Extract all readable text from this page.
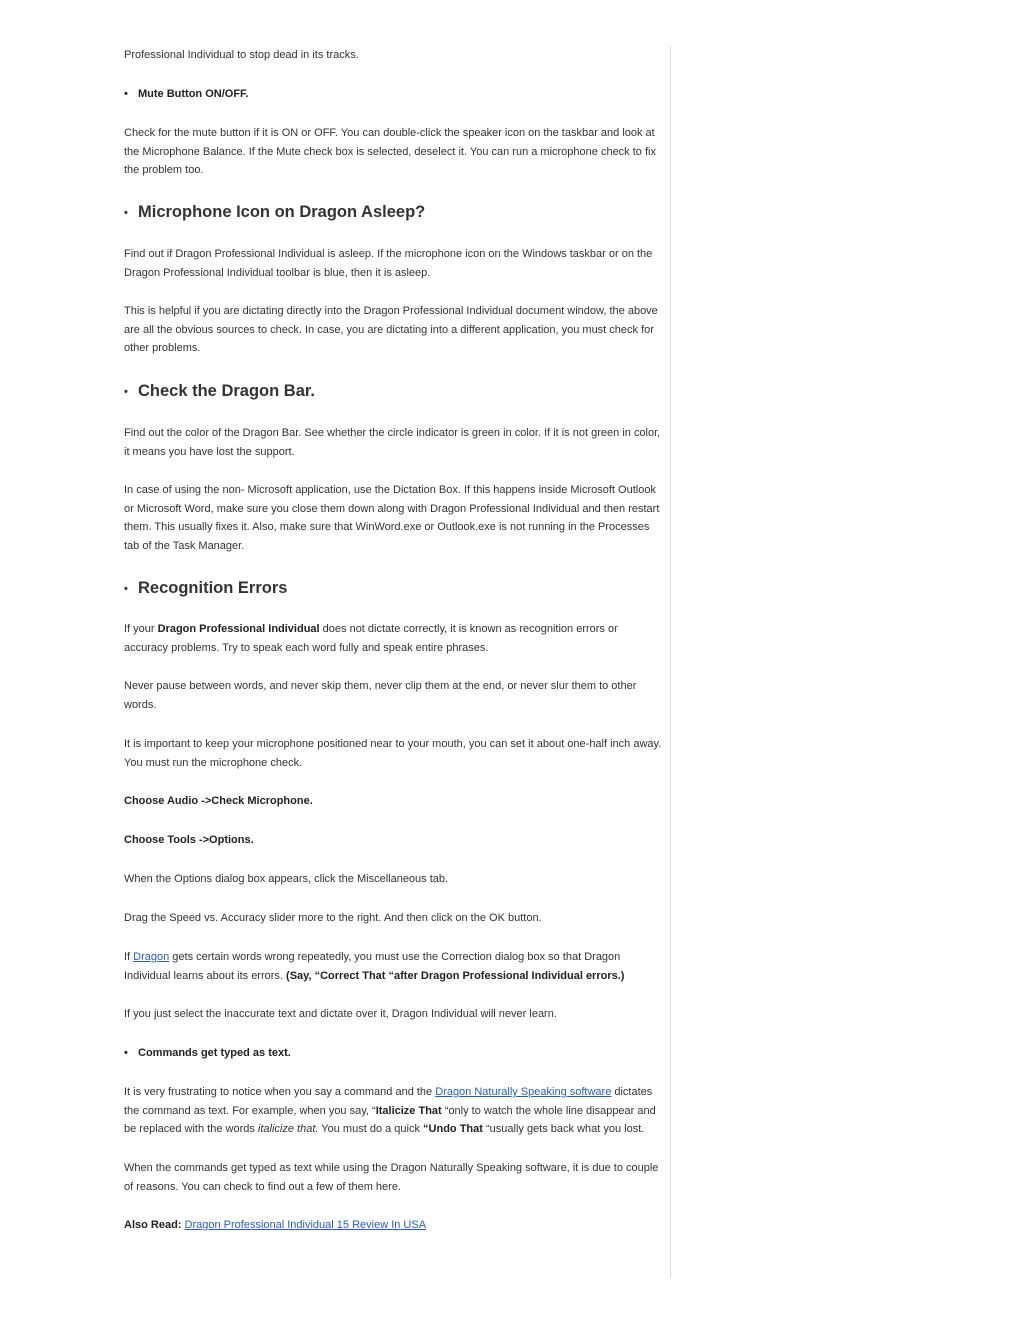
Professional Individual to stop dead in its tracks.

• Mute Button ON/OFF.

Check for the mute button if it is ON or OFF. You can double-click the speaker icon on the taskbar and look at the Microphone Balance. If the Mute check box is selected, deselect it. You can run a microphone check to fix the problem too.

• Microphone Icon on Dragon Asleep?

Find out if Dragon Professional Individual is asleep. If the microphone icon on the Windows taskbar or on the Dragon Professional Individual toolbar is blue, then it is asleep.

This is helpful if you are dictating directly into the Dragon Professional Individual document window, the above are all the obvious sources to check. In case, you are dictating into a different application, you must check for other problems.

• Check the Dragon Bar.

Find out the color of the Dragon Bar. See whether the circle indicator is green in color. If it is not green in color, it means you have lost the support.

In case of using the non- Microsoft application, use the Dictation Box. If this happens inside Microsoft Outlook or Microsoft Word, make sure you close them down along with Dragon Professional Individual and then restart them. This usually fixes it. Also, make sure that WinWord.exe or Outlook.exe is not running in the Processes tab of the Task Manager.

• Recognition Errors

If your Dragon Professional Individual does not dictate correctly, it is known as recognition errors or accuracy problems. Try to speak each word fully and speak entire phrases.

Never pause between words, and never skip them, never clip them at the end, or never slur them to other words.

It is important to keep your microphone positioned near to your mouth, you can set it about one-half inch away. You must run the microphone check.

Choose Audio ->Check Microphone.

Choose Tools ->Options.

When the Options dialog box appears, click the Miscellaneous tab.

Drag the Speed vs. Accuracy slider more to the right. And then click on the OK button.

If Dragon gets certain words wrong repeatedly, you must use the Correction dialog box so that Dragon Individual learns about its errors. (Say, “Correct That “after Dragon Professional Individual errors.)

If you just select the inaccurate text and dictate over it, Dragon Individual will never learn.

• Commands get typed as text.

It is very frustrating to notice when you say a command and the Dragon Naturally Speaking software dictates the command as text. For example, when you say, “Italicize That “only to watch the whole line disappear and be replaced with the words italicize that. You must do a quick “Undo That “usually gets back what you lost.

When the commands get typed as text while using the Dragon Naturally Speaking software, it is due to couple of reasons. You can check to find out a few of them here.

Also Read: Dragon Professional Individual 15 Review In USA
